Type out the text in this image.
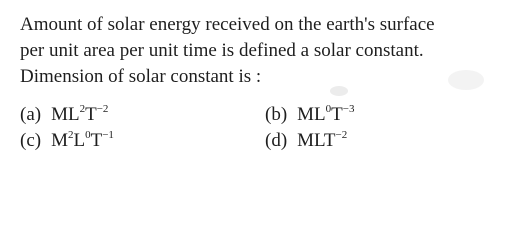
Amount of solar energy received on the earth's surface
per unit area per unit time is defined a solar constant.
Dimension of solar constant is :
(a) $ML^2T^{-2}$	(b) $ML^0T^{-3}$
(c) $M^2L^0T^{-1}$	(d) $MLT^{-2}$
